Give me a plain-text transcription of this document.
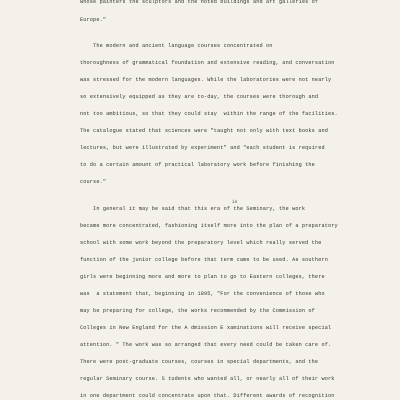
whose painters the sculptors and the noted buildings and art galleries of
Europe."
The modern and ancient language courses concentrated on
thoroughness of grammatical foundation and extensive reading, and conversation
was stressed for the modern languages. While the laboratories were not nearly
so extensively equipped as they are to-day, the courses were thorough and
not too ambitious, so that they could stay  within the range of the facilities.
The catalogue stated that sciences were "taught not only with text books and
lectures, but were illustrated by experiment" and "each student is required
to do a certain amount of practical laboratory work before finishing the
course."
in
In general it may be said that this era of the Seminary, the work
became more concentrated, fashioning itself more into the plan of a preparatory
school with some work beyond the preparatory level which really served the
function of the junior college before that term came to be used. As southern
girls were beginning more and more to plan to go to Eastern colleges, there
was  a statement that, beginning in 1895, "For the convenience of those who
may be preparing for college, the works recommended by the Commission of
Colleges in New England for the A dmission E xaminations will receive special
attention. " The work was so arranged that every need could be taken care of.
There were post-graduate courses, courses in special departments, and the
regular Seminary course. S tudents who wanted all, or nearly all of their work
in one department could concentrate upon that. Different awards of recognition
